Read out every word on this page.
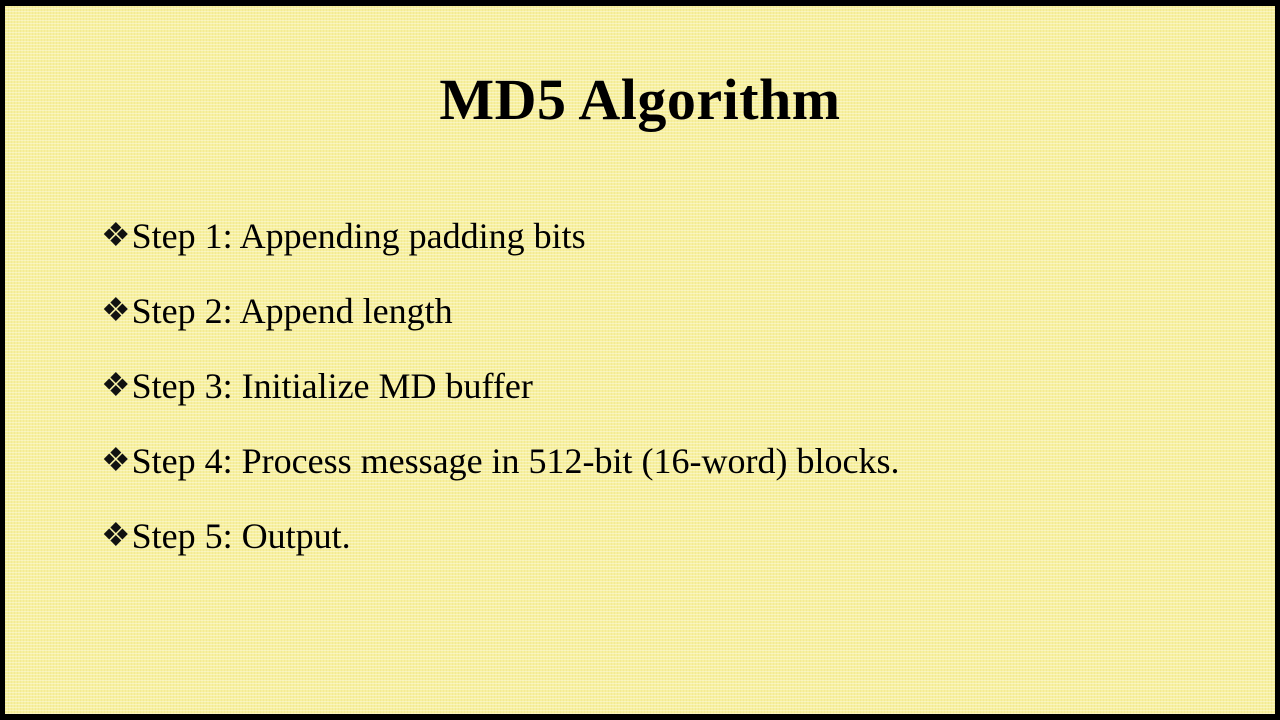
MD5 Algorithm
❖ Step 1: Appending padding bits
❖ Step 2: Append length
❖ Step 3: Initialize MD buffer
❖ Step 4: Process message in 512-bit (16-word) blocks.
❖ Step 5: Output.
